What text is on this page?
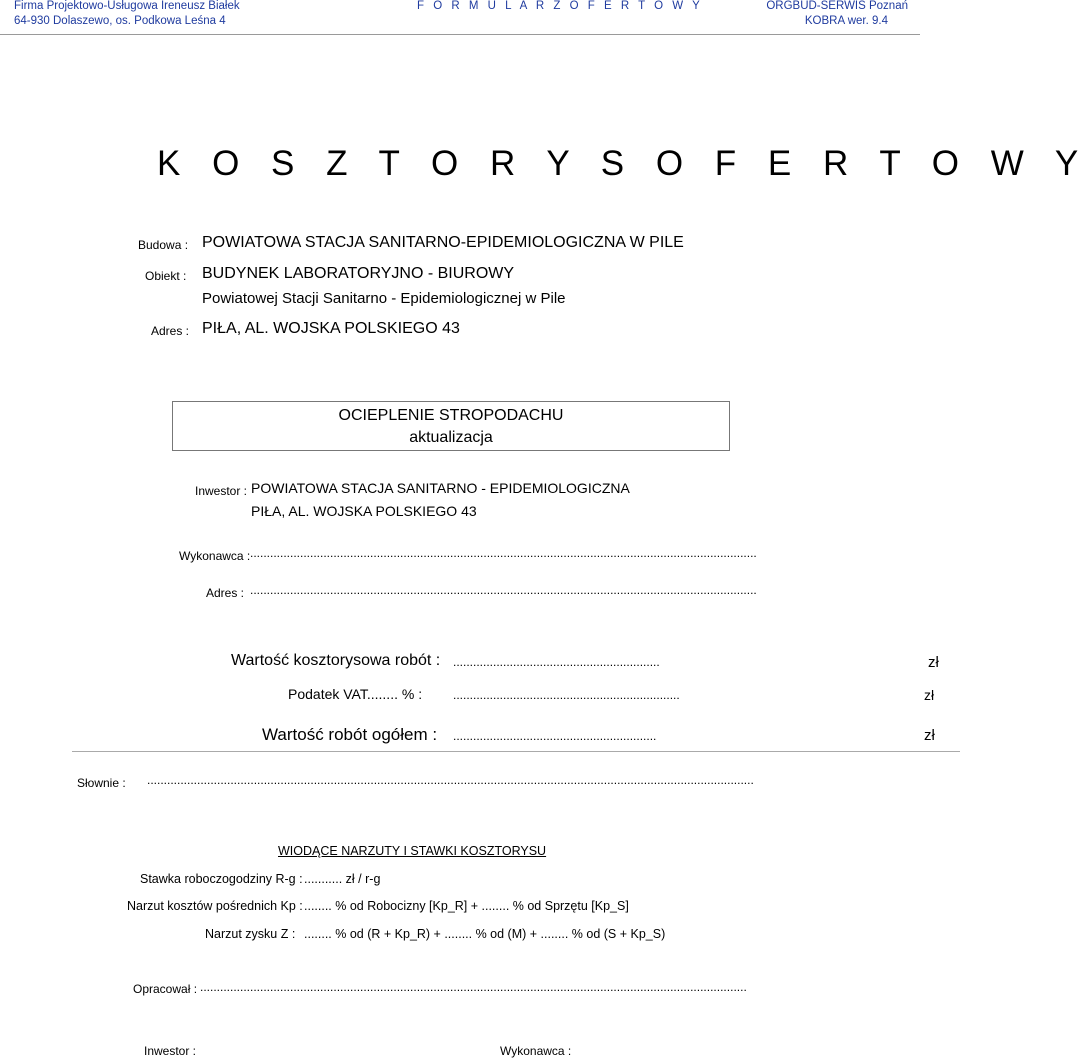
Firma Projektowo-Usługowa Ireneusz Białek
64-930 Dolaszewo, os. Podkowa Leśna 4
F O R M U L A R Z O F E R T O W Y	ORGBUD-SERWIS Poznań
KOBRA wer. 9.4
K O S Z T O R Y S O F E R T O W Y
Budowa : POWIATOWA STACJA SANITARNO-EPIDEMIOLOGICZNA W PILE
Obiekt : BUDYNEK LABORATORYJNO - BIUROWY
Powiatowej Stacji Sanitarno - Epidemiologicznej w Pile
Adres : PIŁA, AL. WOJSKA POLSKIEGO 43
OCIEPLENIE STROPODACHU
aktualizacja
Inwestor : POWIATOWA STACJA SANITARNO - EPIDEMIOLOGICZNA
PIŁA, AL. WOJSKA POLSKIEGO 43
Wykonawca : ........................................................................................................................................................
Adres : ........................................................................................................................................................
Wartość kosztorysowa robót : ..............................................................	zł
Podatek VAT........ % :	....................................................................	zł
Wartość robót ogółem : .............................................................	zł
Słownie : ......................................................................................................................................................................................
WIODĄCE NARZUTY I STAWKI KOSZTORYSU
Stawka roboczogodziny R-g : ........... zł / r-g
Narzut kosztów pośrednich Kp : ........ % od Robocizny [Kp_R] + ........ % od Sprzętu [Kp_S]
Narzut zysku Z : ........ % od (R + Kp_R) + ........ % od (M) + ........ % od (S + Kp_S)
Opracował : ....................................................................................................................................................................
Inwestor :	Wykonawca :
